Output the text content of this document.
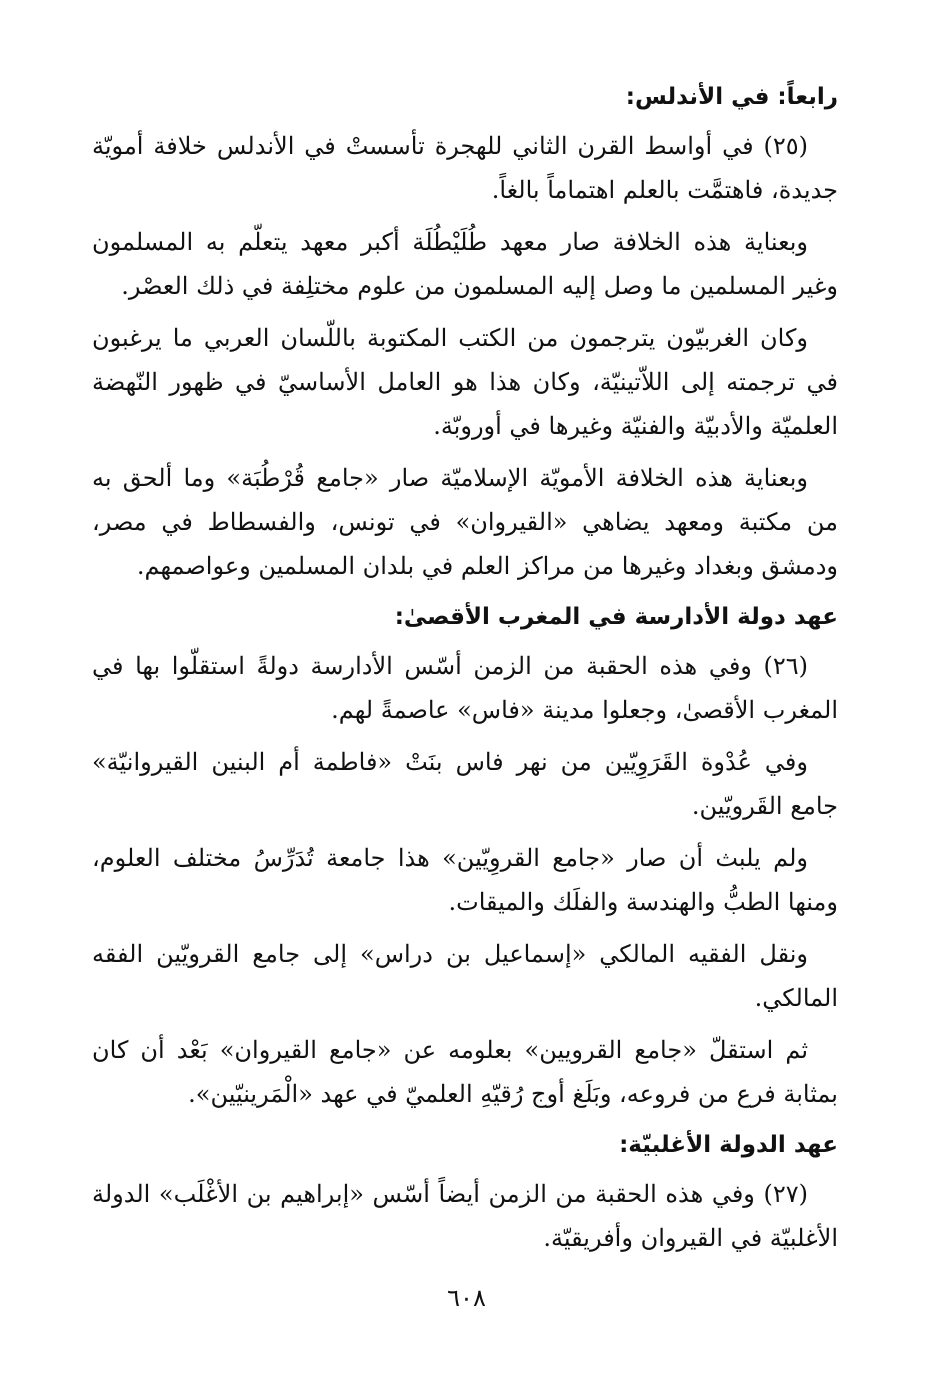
رابعاً: في الأندلس:

(٢٥) في أواسط القرن الثاني للهجرة تأسستْ في الأندلس خلافة أمويّة جديدة، فاهتمَّت بالعلم اهتماماً بالغاً.

وبعناية هذه الخلافة صار معهد طُلَيْطُلَة أكبر معهد يتعلّم به المسلمون وغير المسلمين ما وصل إليه المسلمون من علوم مختلِفة في ذلك العصْر.

وكان الغربيّون يترجمون من الكتب المكتوبة باللّسان العربي ما يرغبون في ترجمته إلى اللاّتينيّة، وكان هذا هو العامل الأساسيّ في ظهور النّهضة العلميّة والأدبيّة والفنيّة وغيرها في أوروبّة.

وبعناية هذه الخلافة الأمويّة الإسلاميّة صار «جامع قُرْطُبَة» وما ألحق به من مكتبة ومعهد يضاهي «القيروان» في تونس، والفسطاط في مصر، ودمشق وبغداد وغيرها من مراكز العلم في بلدان المسلمين وعواصمهم.

عهد دولة الأدارسة في المغرب الأقصىٰ:

(٢٦) وفي هذه الحقبة من الزمن أسّس الأدارسة دولةً استقلّوا بها في المغرب الأقصىٰ، وجعلوا مدينة «فاس» عاصمةً لهم.

وفي عُدْوة القَرَوِيّين من نهر فاس بنَتْ «فاطمة أم البنين القيروانيّة» جامع القَرويّين.

ولم يلبث أن صار «جامع القروِيّين» هذا جامعة تُدَرِّسُ مختلف العلوم، ومنها الطبُّ والهندسة والفلَك والميقات.

ونقل الفقيه المالكي «إسماعيل بن دراس» إلى جامع القرويّين الفقه المالكي.

ثم استقلّ «جامع القرويين» بعلومه عن «جامع القيروان» بَعْد أن كان بمثابة فرع من فروعه، وبَلَغ أوج رُقيّهِ العلميّ في عهد «الْمَرينيّين».

عهد الدولة الأغلبيّة:

(٢٧) وفي هذه الحقبة من الزمن أيضاً أسّس «إبراهيم بن الأغْلَب» الدولة الأغلبيّة في القيروان وأفريقيّة.

٦٠٨
